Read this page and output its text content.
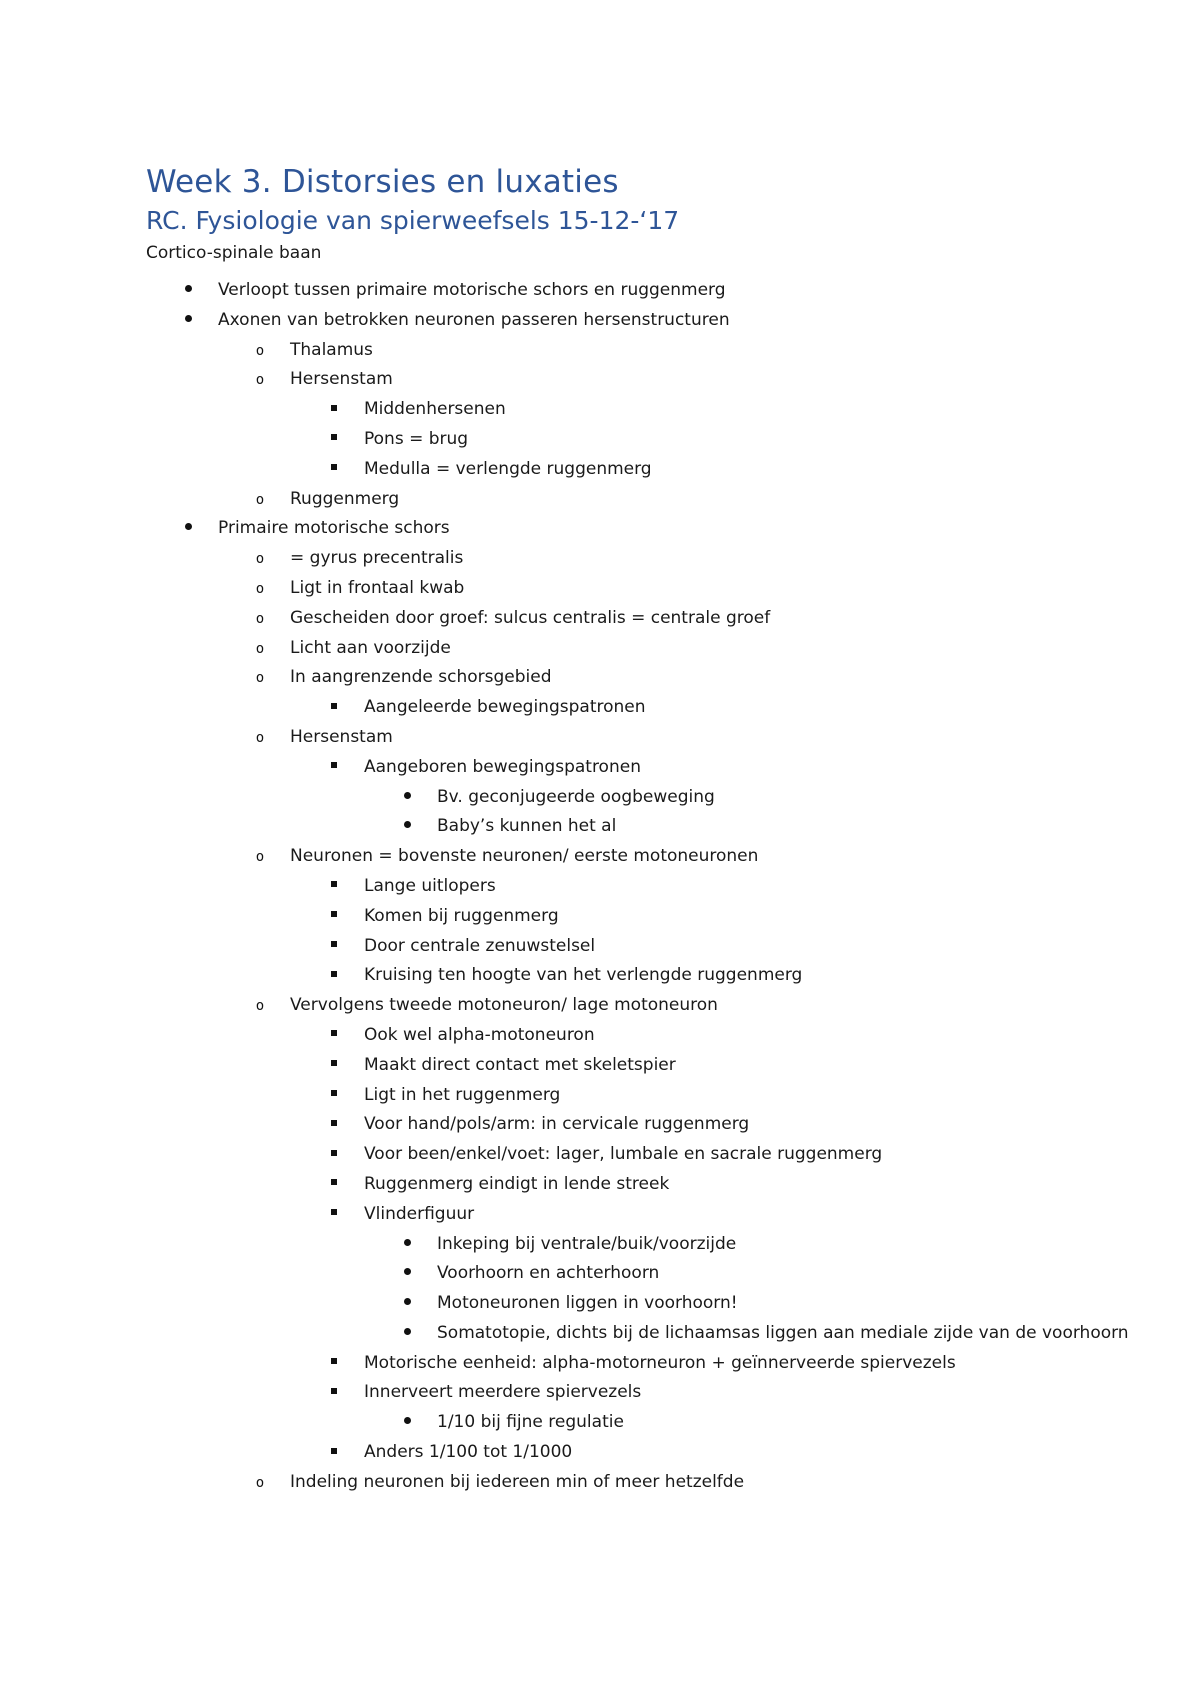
Week 3. Distorsies en luxaties
RC. Fysiologie van spierweefsels 15-12-‘17
Cortico-spinale baan
Verloopt tussen primaire motorische schors en ruggenmerg
Axonen van betrokken neuronen passeren hersenstructuren
o
Thalamus
o
Hersenstam
Middenhersenen
Pons = brug
Medulla = verlengde ruggenmerg
o
Ruggenmerg
Primaire motorische schors
o
= gyrus precentralis
o
Ligt in frontaal kwab
o
Gescheiden door groef: sulcus centralis = centrale groef
o
Licht aan voorzijde
o
In aangrenzende schorsgebied
Aangeleerde bewegingspatronen
o
Hersenstam
Aangeboren bewegingspatronen
Bv. geconjugeerde oogbeweging
Baby’s kunnen het al
o
Neuronen = bovenste neuronen/ eerste motoneuronen
Lange uitlopers
Komen bij ruggenmerg
Door centrale zenuwstelsel
Kruising ten hoogte van het verlengde ruggenmerg
o
Vervolgens tweede motoneuron/ lage motoneuron
Ook wel alpha-motoneuron
Maakt direct contact met skeletspier
Ligt in het ruggenmerg
Voor hand/pols/arm: in cervicale ruggenmerg
Voor been/enkel/voet: lager, lumbale en sacrale ruggenmerg
Ruggenmerg eindigt in lende streek
Vlinderfiguur
Inkeping bij ventrale/buik/voorzijde
Voorhoorn en achterhoorn
Motoneuronen liggen in voorhoorn!
Somatotopie, dichts bij de lichaamsas liggen aan mediale zijde van de voorhoorn
Motorische eenheid: alpha-motorneuron + geïnnerveerde spiervezels
Innerveert meerdere spiervezels
1/10 bij fijne regulatie
Anders 1/100 tot 1/1000
o
Indeling neuronen bij iedereen min of meer hetzelfde
